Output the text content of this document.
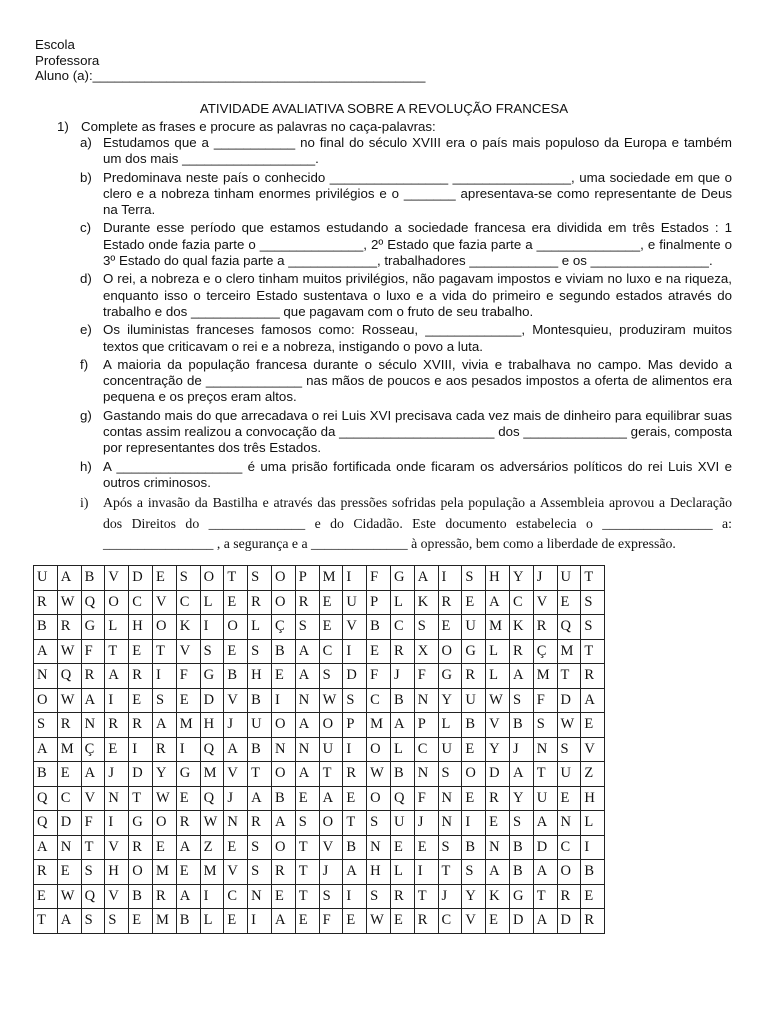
Escola
Professora
Aluno (a):_____________________________________________
ATIVIDADE AVALIATIVA SOBRE A REVOLUÇÃO FRANCESA
1) Complete as frases e procure as palavras no caça-palavras:
a) Estudamos que a ___________ no final do século XVIII era o país mais populoso da Europa e também um dos mais __________________.
b) Predominava neste país o conhecido ________________ ________________, uma sociedade em que o clero e a nobreza tinham enormes privilégios e o _______ apresentava-se como representante de Deus na Terra.
c) Durante esse período que estamos estudando a sociedade francesa era dividida em três Estados : 1 Estado onde fazia parte o ______________, 2º Estado que fazia parte a ______________, e finalmente o 3º Estado do qual fazia parte a ____________, trabalhadores ____________ e os ________________.
d) O rei, a nobreza e o clero tinham muitos privilégios, não pagavam impostos e viviam no luxo e na riqueza, enquanto isso o terceiro Estado sustentava o luxo e a vida do primeiro e segundo estados através do trabalho e dos ____________ que pagavam com o fruto de seu trabalho.
e) Os iluministas franceses famosos como: Rosseau, _____________, Montesquieu, produziram muitos textos que criticavam o rei e a nobreza, instigando o povo a luta.
f)	A maioria da população francesa durante o século XVIII, vivia e trabalhava no campo. Mas devido a concentração de _____________ nas mãos de poucos e aos pesados impostos a oferta de alimentos era pequena e os preços eram altos.
g) Gastando mais do que arrecadava o rei Luis XVI precisava cada vez mais de dinheiro para equilibrar suas contas assim realizou a convocação da _____________________ dos ______________ gerais, composta por representantes dos três Estados.
h) A _________________ é uma prisão fortificada onde ficaram os adversários políticos do rei Luis XVI e outros criminosos.
i)	Após a invasão da Bastilha e através das pressões sofridas pela população a Assembleia aprovou a Declaração dos Direitos do ______________ e do Cidadão. Este documento estabelecia o ________________ a: ________________ , a segurança e a ______________ à opressão, bem como a liberdade de expressão.
U	A	B	V	D	E	S	O	T	S	O	P	M	I	F	G	A	I	S	H	Y	J	U	T
R	W	Q	O	C	V	C	L	E	R	O	R	E	U	P	L	K	R	E	A	C	V	E	S
B	R	G	L	H	O	K	I	O	L	Ç	S	E	V	B	C	S	E	U	M	K	R	Q	S
A	W	F	T	E	T	V	S	E	S	B	A	C	I	E	R	X	O	G	L	R	Ç	M	T
N	Q	R	A	R	I	F	G	B	H	E	A	S	D	F	J	F	G	R	L	A	M	T	R
O	W	A	I	E	S	E	D	V	B	I	N	W	S	C	B	N	Y	U	W	S	F	D	A
S	R	N	R	R	A	M	H	J	U	O	A	O	P	M	A	P	L	B	V	B	S	W	E
A	M	Ç	E	I	R	I	Q	A	B	N	N	U	I	O	L	C	U	E	Y	J	N	S	V
B	E	A	J	D	Y	G	M	V	T	O	A	T	R	W	B	N	S	O	D	A	T	U	Z
Q	C	V	N	T	W	E	Q	J	A	B	E	A	E	O	Q	F	N	E	R	Y	U	E	H
Q	D	F	I	G	O	R	W	N	R	A	S	O	T	S	U	J	N	I	E	S	A	N	L
A	N	T	V	R	E	A	Z	E	S	O	T	V	B	N	E	E	S	B	N	B	D	C	I
R	E	S	H	O	M	E	M	V	S	R	T	J	A	H	L	I	T	S	A	B	A	O	B
E	W	Q	V	B	R	A	I	C	N	E	T	S	I	S	R	T	J	Y	K	G	T	R	E
T	A	S	S	E	M	B	L	E	I	A	E	F	E	W	E	R	C	V	E	D	A	D	R
